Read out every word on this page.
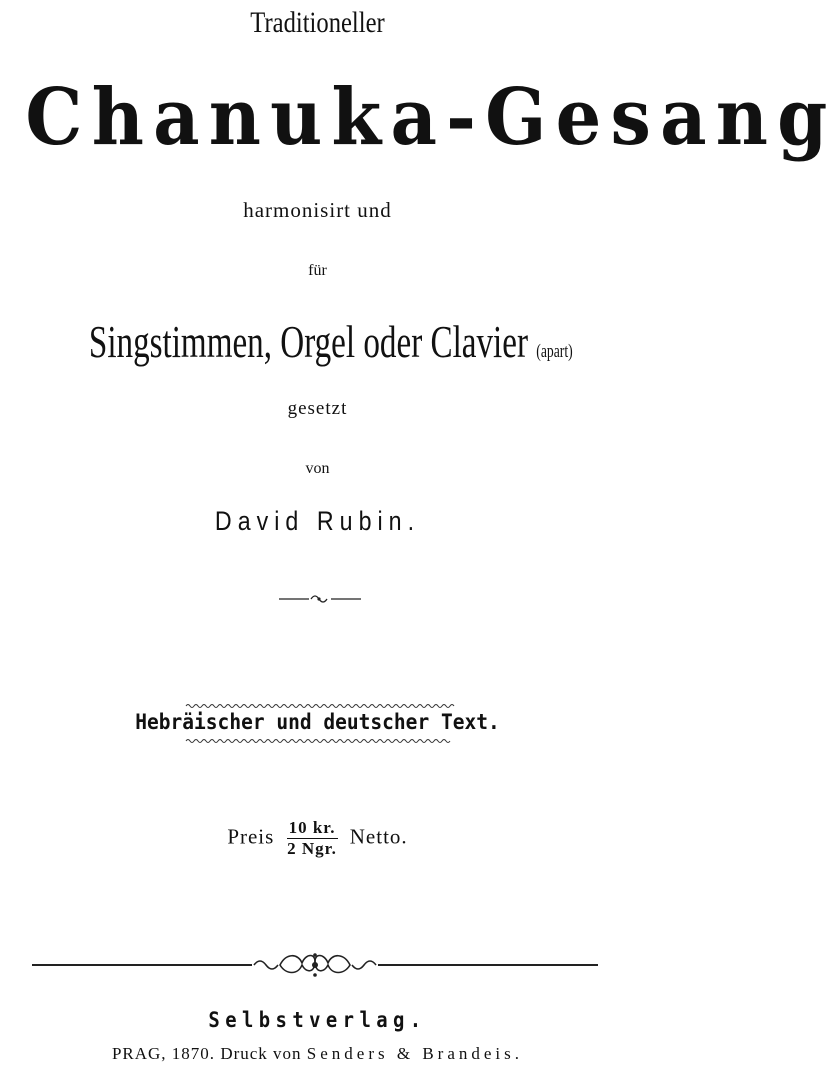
Traditioneller
Chanuka-Gesang
harmonisirt und
für
Singstimmen, Orgel oder Clavier (apart)
gesetzt
von
David Rubin.
Hebräischer und deutscher Text.
Preis $\frac{10 kr.}{\text{2 Ngr.}}$ Netto.
Selbstverlag.
PRAG, 1870. Druck von Senders & Brandeis.
